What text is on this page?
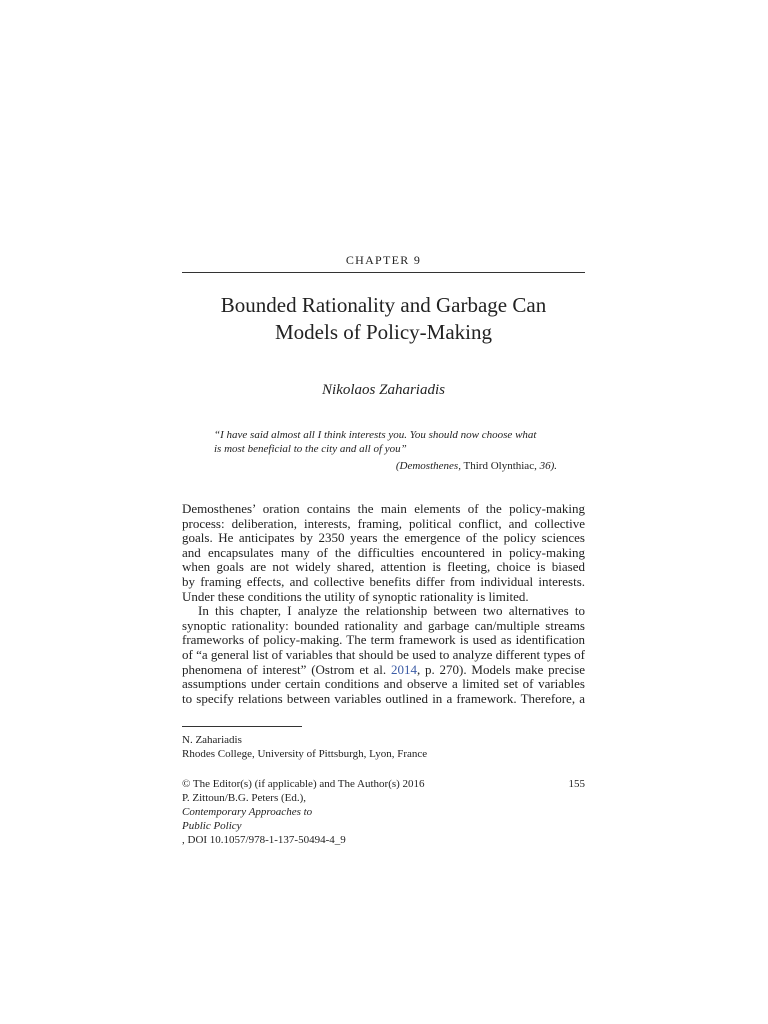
CHAPTER 9
Bounded Rationality and Garbage Can
Models of Policy-Making
Nikolaos Zahariadis
“I have said almost all I think interests you. You should now choose what
is most beneficial to the city and all of you”
(Demosthenes, Third Olynthiac, 36).
Demosthenes’ oration contains the main elements of the policy-making
process: deliberation, interests, framing, political conflict, and collective
goals. He anticipates by 2350 years the emergence of the policy sciences
and encapsulates many of the difficulties encountered in policy-making
when goals are not widely shared, attention is fleeting, choice is biased
by framing effects, and collective benefits differ from individual interests.
Under these conditions the utility of synoptic rationality is limited.
In this chapter, I analyze the relationship between two alternatives to
synoptic rationality: bounded rationality and garbage can/multiple streams
frameworks of policy-making. The term framework is used as identification
of “a general list of variables that should be used to analyze different types of
phenomena of interest” (Ostrom et al. 2014, p. 270). Models make precise
assumptions under certain conditions and observe a limited set of variables
to specify relations between variables outlined in a framework. Therefore, a
N. Zahariadis
Rhodes College, University of Pittsburgh, Lyon, France
© The Editor(s) (if applicable) and The Author(s) 2016
P. Zittoun/B.G. Peters (Ed.),
Contemporary Approaches to
Public Policy
, DOI 10.1057/978-1-137-50494-4_9
155
